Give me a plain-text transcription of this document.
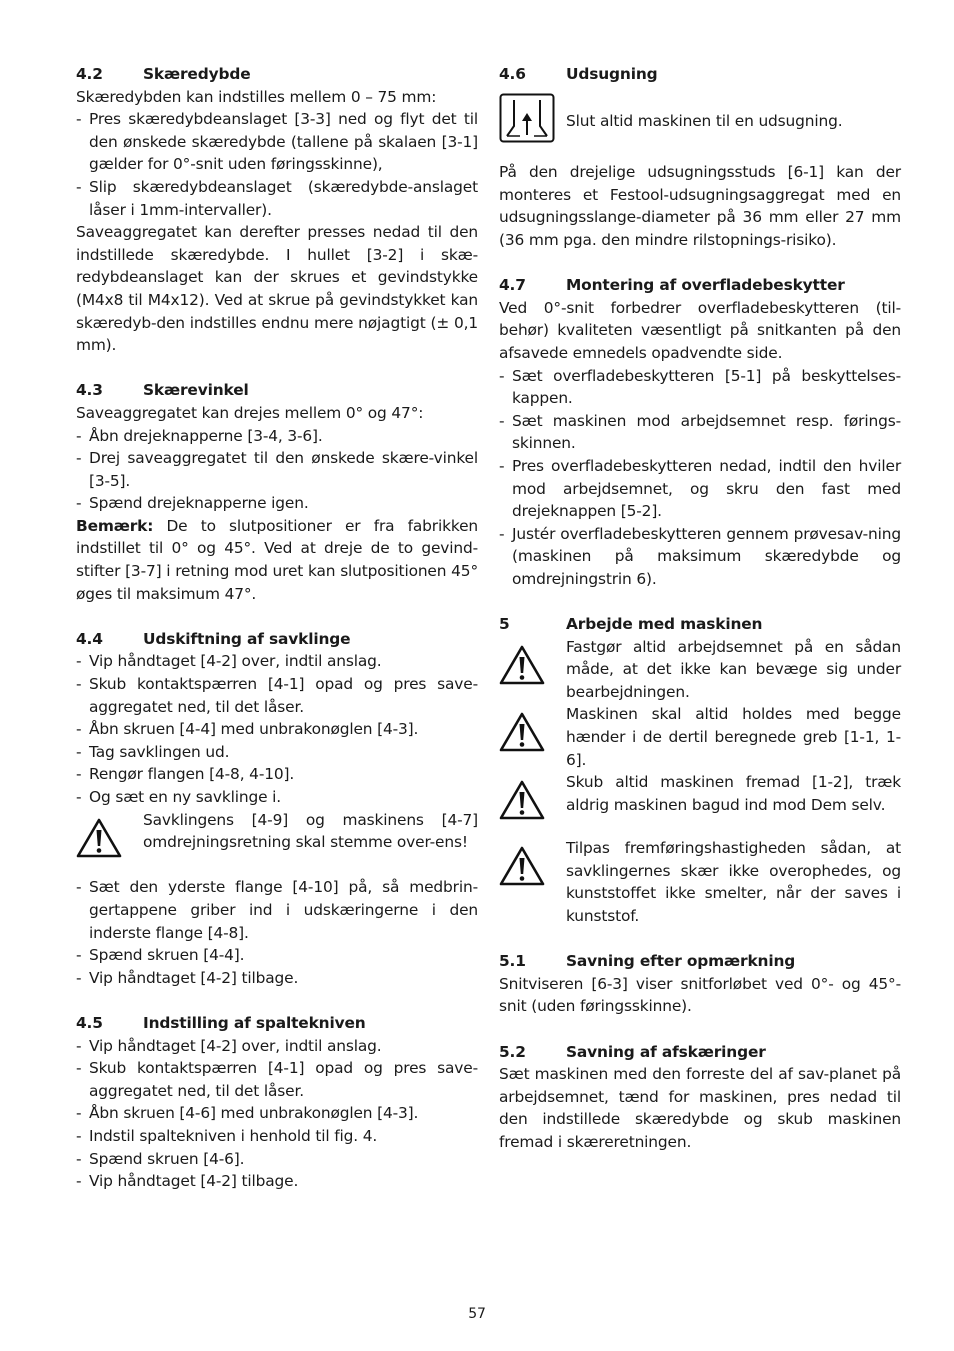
4.2	Skæredybde
Skæredybden kan indstilles mellem 0 – 75 mm:
- Pres skæredybdeanslaget [3-3] ned og flyt det til den ønskede skæredybde (tallene på skalaen [3-1] gælder for 0°-snit uden føringsskinne),
- Slip skæredybdeanslaget (skæredybde-anslaget låser i 1mm-intervaller).
Saveaggregatet kan derefter presses nedad til den indstillede skæredybde. I hullet [3-2] i skæ-redybdeanslaget kan der skrues et gevindstykke (M4x8 til M4x12). Ved at skrue på gevindstykket kan skæredyb-den indstilles endnu mere nøjagtigt (± 0,1 mm).
4.3	Skærevinkel
Saveaggregatet kan drejes mellem 0° og 47°:
- Åbn drejeknapperne [3-4, 3-6].
- Drej saveaggregatet til den ønskede skære-vinkel [3-5].
- Spænd drejeknapperne igen.
Bemærk: De to slutpositioner er fra fabrikken indstillet til 0° og 45°. Ved at dreje de to gevind-stifter [3-7] i retning mod uret kan slutpositionen 45° øges til maksimum 47°.
4.4	Udskiftning af savklinge
- Vip håndtaget [4-2] over, indtil anslag.
- Skub kontaktspærren [4-1] opad og pres save-aggregatet ned, til det låser.
- Åbn skruen [4-4] med unbrakonøglen [4-3].
- Tag savklingen ud.
- Rengør flangen [4-8, 4-10].
- Og sæt en ny savklinge i.
Savklingens [4-9] og maskinens [4-7] omdrejningsretning skal stemme over-ens!
- Sæt den yderste flange [4-10] på, så medbrin-gertappene griber ind i udskæringerne i den inderste flange [4-8].
- Spænd skruen [4-4].
- Vip håndtaget [4-2] tilbage.
4.5	Indstilling af spaltekniven
- Vip håndtaget [4-2] over, indtil anslag.
- Skub kontaktspærren [4-1] opad og pres save-aggregatet ned, til det låser.
- Åbn skruen [4-6] med unbrakonøglen [4-3].
- Indstil spaltekniven i henhold til fig. 4.
- Spænd skruen [4-6].
- Vip håndtaget [4-2] tilbage.
4.6	Udsugning
Slut altid maskinen til en udsugning.
På den drejelige udsugningsstuds [6-1] kan der monteres et Festool-udsugningsaggregat med en udsugningsslange-diameter på 36 mm eller 27 mm (36 mm pga. den mindre rilstopnings-risiko).
4.7	Montering af overfladebeskytter
Ved 0°-snit forbedrer overfladebeskytteren (til-behør) kvaliteten væsentligt på snitkanten på den afsavede emnedels opadvendte side.
- Sæt overfladebeskytteren [5-1] på beskyttelses-kappen.
- Sæt maskinen mod arbejdsemnet resp. førings-skinnen.
- Pres overfladebeskytteren nedad, indtil den hviler mod arbejdsemnet, og skru den fast med drejeknappen [5-2].
- Justér overfladebeskytteren gennem prøvesav-ning (maskinen på maksimum skæredybde og omdrejningstrin 6).
5	Arbejde med maskinen
Fastgør altid arbejdsemnet på en sådan måde, at det ikke kan bevæge sig under bearbejdningen.
Maskinen skal altid holdes med begge hænder i de dertil beregnede greb [1-1, 1-6].
Skub altid maskinen fremad [1-2], træk aldrig maskinen bagud ind mod Dem selv.
Tilpas fremføringshastigheden sådan, at savklingernes skær ikke overophedes, og kunststoffet ikke smelter, når der saves i kunststof.
5.1	Savning efter opmærkning
Snitviseren [6-3] viser snitforløbet ved 0°- og 45°-snit (uden føringsskinne).
5.2	Savning af afskæringer
Sæt maskinen med den forreste del af sav-planet på arbejdsemnet, tænd for maskinen, pres nedad til den indstillede skæredybde og skub maskinen fremad i skæreretningen.
57
